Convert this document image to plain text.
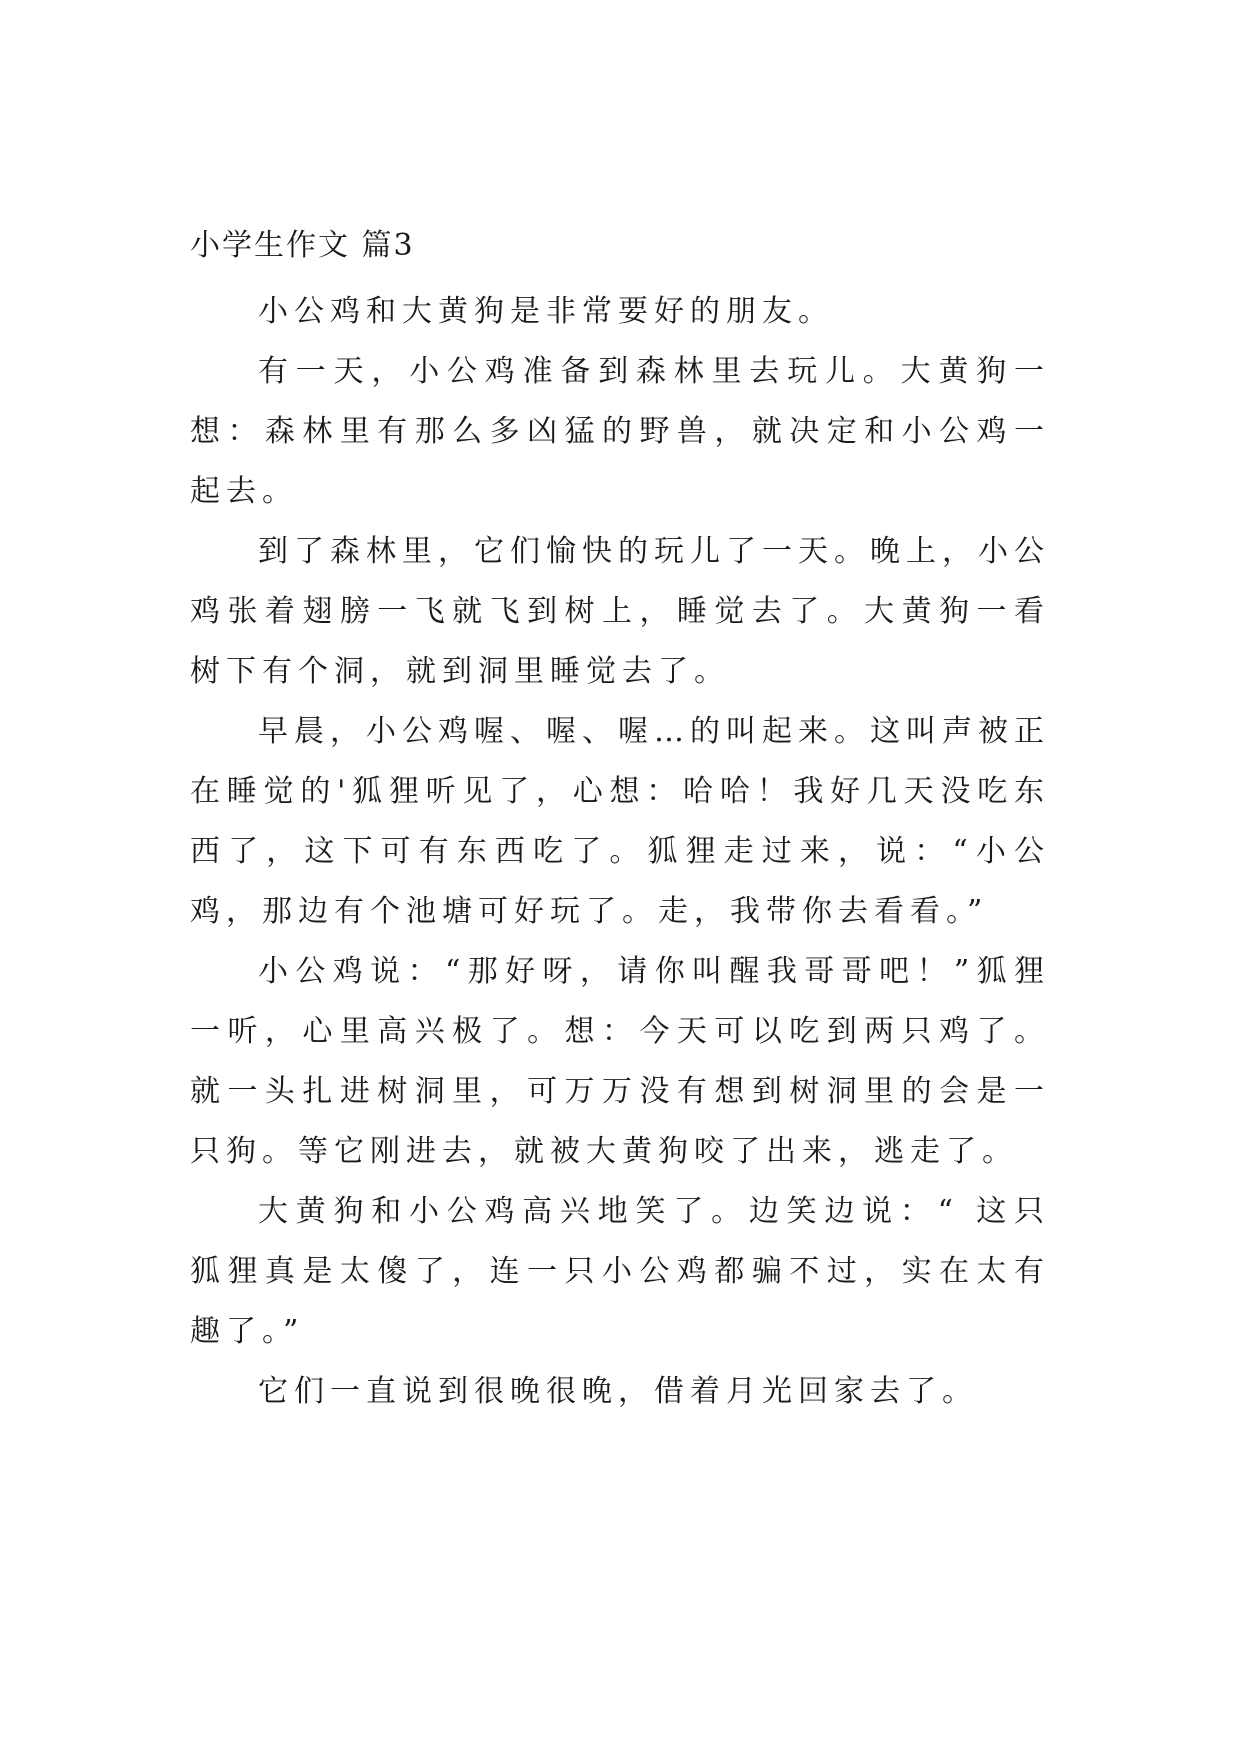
小学生作文 篇3

小公鸡和大黄狗是非常要好的朋友。

有一天，小公鸡准备到森林里去玩儿。大黄狗一想：森林里有那么多凶猛的野兽，就决定和小公鸡一起去。

到了森林里，它们愉快的玩儿了一天。晚上，小公鸡张着翅膀一飞就飞到树上，睡觉去了。大黄狗一看树下有个洞，就到洞里睡觉去了。

早晨，小公鸡喔、喔、喔…的叫起来。这叫声被正在睡觉的'狐狸听见了，心想：哈哈！我好几天没吃东西了，这下可有东西吃了。狐狸走过来，说：“小公鸡，那边有个池塘可好玩了。走，我带你去看看。”

小公鸡说：“那好呀，请你叫醒我哥哥吧！”狐狸一听，心里高兴极了。想：今天可以吃到两只鸡了。就一头扎进树洞里，可万万没有想到树洞里的会是一只狗。等它刚进去，就被大黄狗咬了出来，逃走了。

大黄狗和小公鸡高兴地笑了。边笑边说：“ 这只狐狸真是太傻了，连一只小公鸡都骗不过，实在太有趣了。”

它们一直说到很晚很晚，借着月光回家去了。
